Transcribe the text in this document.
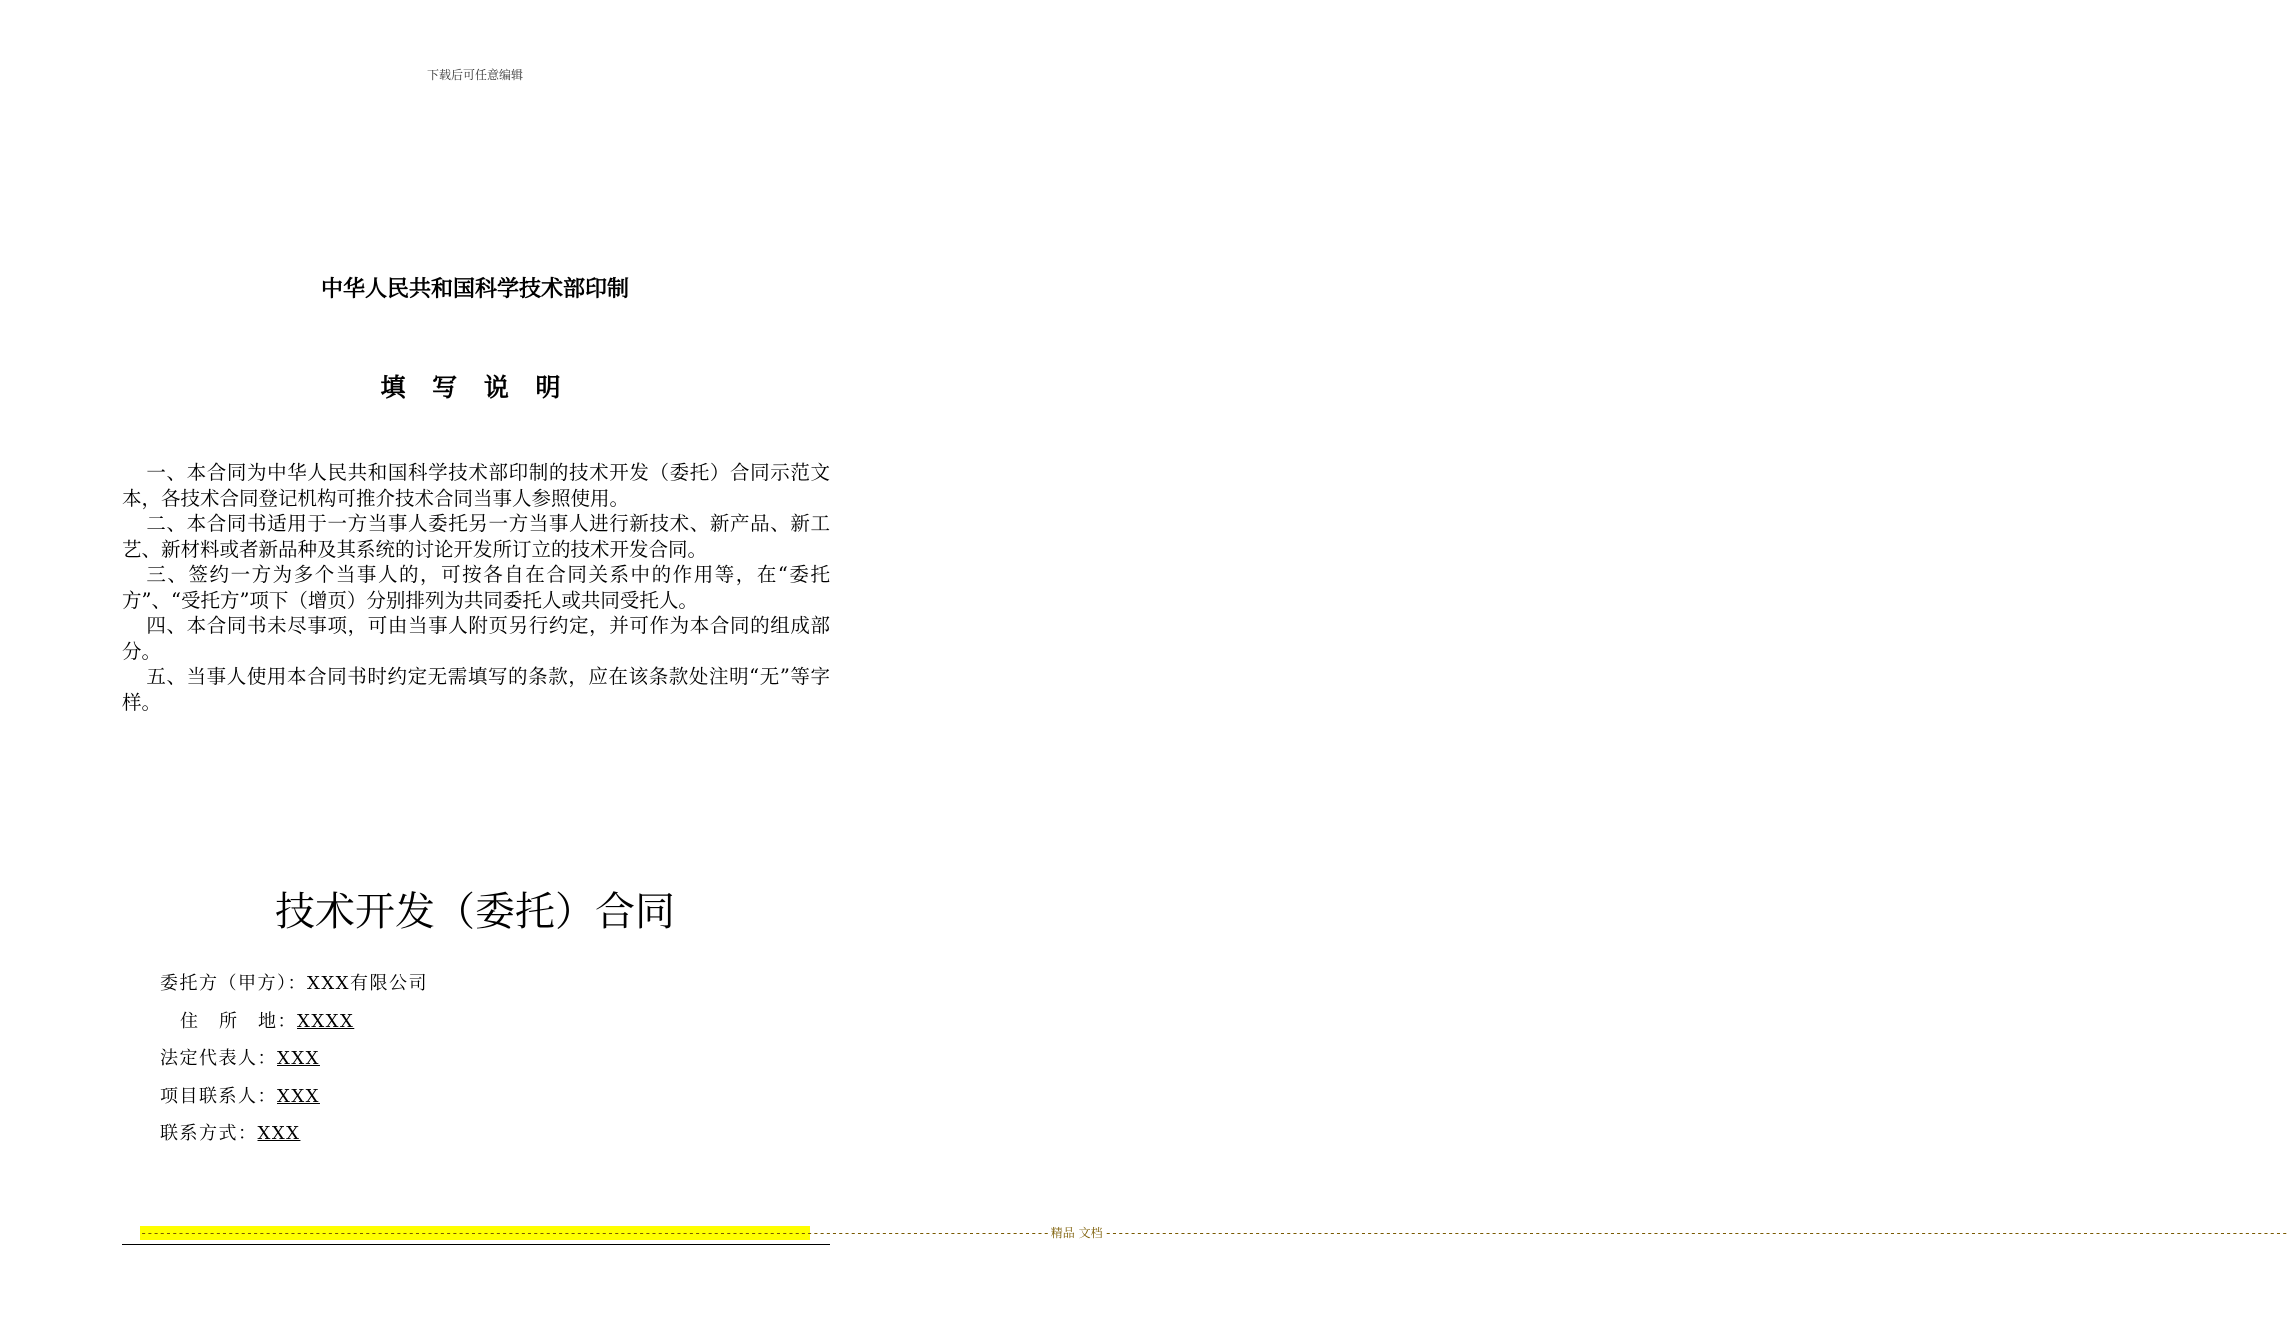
下载后可任意编辑
中华人民共和国科学技术部印制
填 写 说 明

一、本合同为中华人民共和国科学技术部印制的技术开发（委托）合同示范文本，各技术合同登记机构可推介技术合同当事人参照使用。

二、本合同书适用于一方当事人委托另一方当事人进行新技术、新产品、新工艺、新材料或者新品种及其系统的讨论开发所订立的技术开发合同。

三、签约一方为多个当事人的，可按各自在合同关系中的作用等，在“委托方”、“受托方”项下（增页）分别排列为共同委托人或共同受托人。

四、本合同书未尽事项，可由当事人附页另行约定，并可作为本合同的组成部分。

五、当事人使用本合同书时约定无需填写的条款，应在该条款处注明“无”等字样。

技术开发（委托）合同
委托方（甲方）：XXX有限公司
住　所　地：XXXX
法定代表人：XXX
项目联系人：XXX
联系方式：XXX
-------------------------------------------------------------------------------------------------------------------------------------------------- 精品 文档 ----------------------------------------------------------------------------------------------------------------------------------------------------------------------------------------------
